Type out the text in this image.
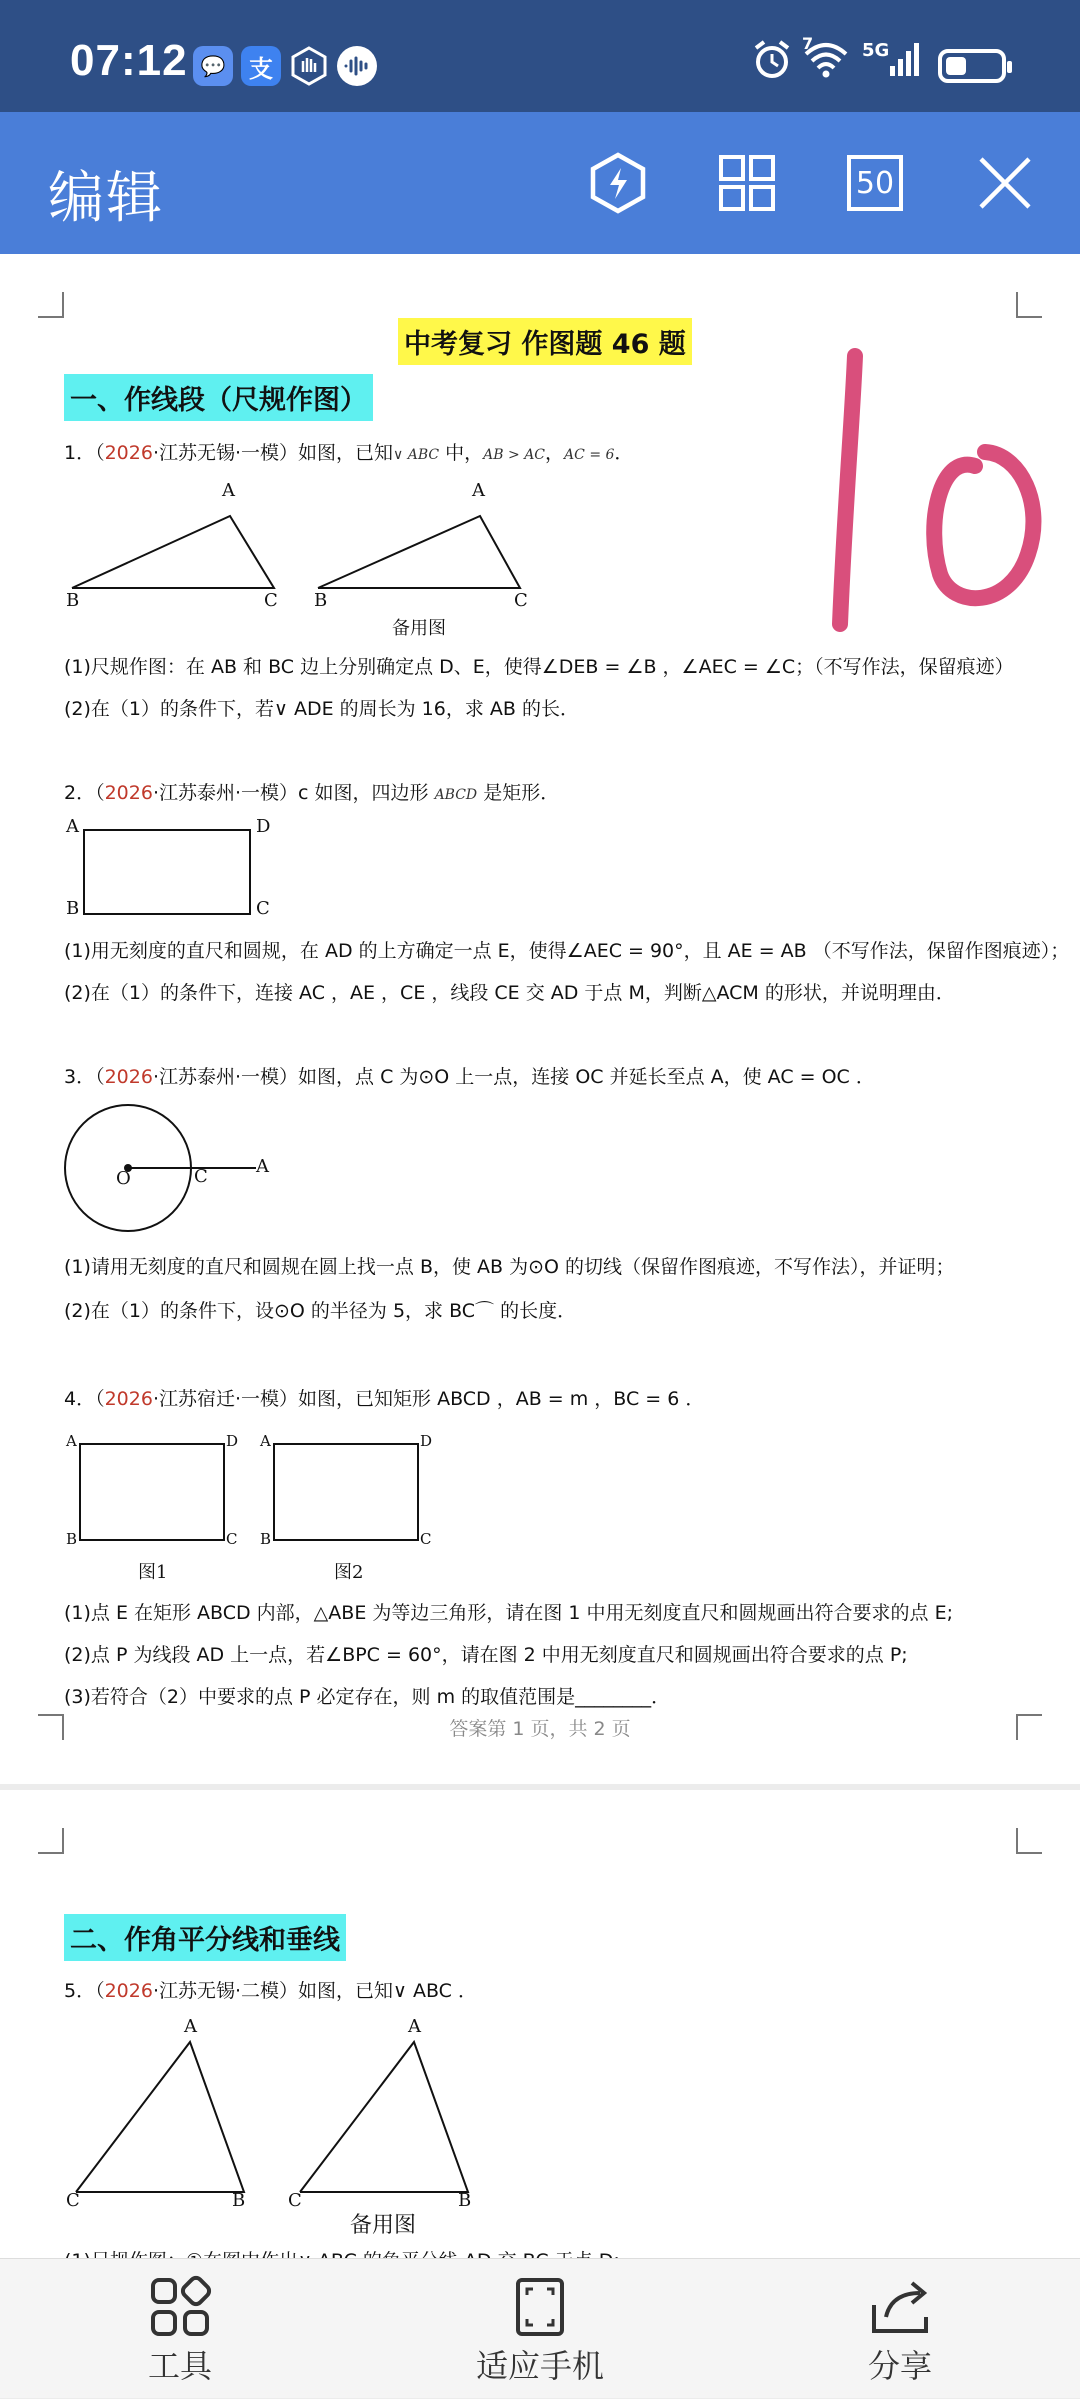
07:12 💬 支
7	5G
编辑	50
中考复习 作图题 46 题
一、作线段（尺规作图）
1．（2026·江苏无锡·一模）如图，已知∨ ABC 中，AB > AC，AC = 6．
A
B	C
A
B	C
备用图
(1)尺规作图：在 AB 和 BC 边上分别确定点 D、E，使得∠DEB = ∠B ，∠AEC = ∠C；（不写作法，保留痕迹）
(2)在（1）的条件下，若∨ ADE 的周长为 16，求 AB 的长．
2．（2026·江苏泰州·一模）c 如图，四边形 ABCD 是矩形．
A	D
B	C
(1)用无刻度的直尺和圆规，在 AD 的上方确定一点 E，使得∠AEC = 90°，且 AE = AB （不写作法，保留作图痕迹）；
(2)在（1）的条件下，连接 AC ，AE ，CE ，线段 CE 交 AD 于点 M，判断△ACM 的形状，并说明理由．
3．（2026·江苏泰州·一模）如图，点 C 为⊙O 上一点，连接 OC 并延长至点 A，使 AC = OC ．
O	C	A
(1)请用无刻度的直尺和圆规在圆上找一点 B，使 AB 为⊙O 的切线（保留作图痕迹，不写作法），并证明；
(2)在（1）的条件下，设⊙O 的半径为 5，求 BC⌒ 的长度．
4．（2026·江苏宿迁·一模）如图，已知矩形 ABCD ，AB = m ，BC = 6 ．
A	D
B	C
A	D
B	C
图1	图2
(1)点 E 在矩形 ABCD 内部，△ABE 为等边三角形，请在图 1 中用无刻度直尺和圆规画出符合要求的点 E;
(2)点 P 为线段 AD 上一点，若∠BPC = 60°，请在图 2 中用无刻度直尺和圆规画出符合要求的点 P;
(3)若符合（2）中要求的点 P 必定存在，则 m 的取值范围是________．
答案第 1 页，共 2 页
二、作角平分线和垂线
5．（2026·江苏无锡·二模）如图，已知∨ ABC ．
A
C	B
A
C	B
备用图
工具	适应手机	分享
